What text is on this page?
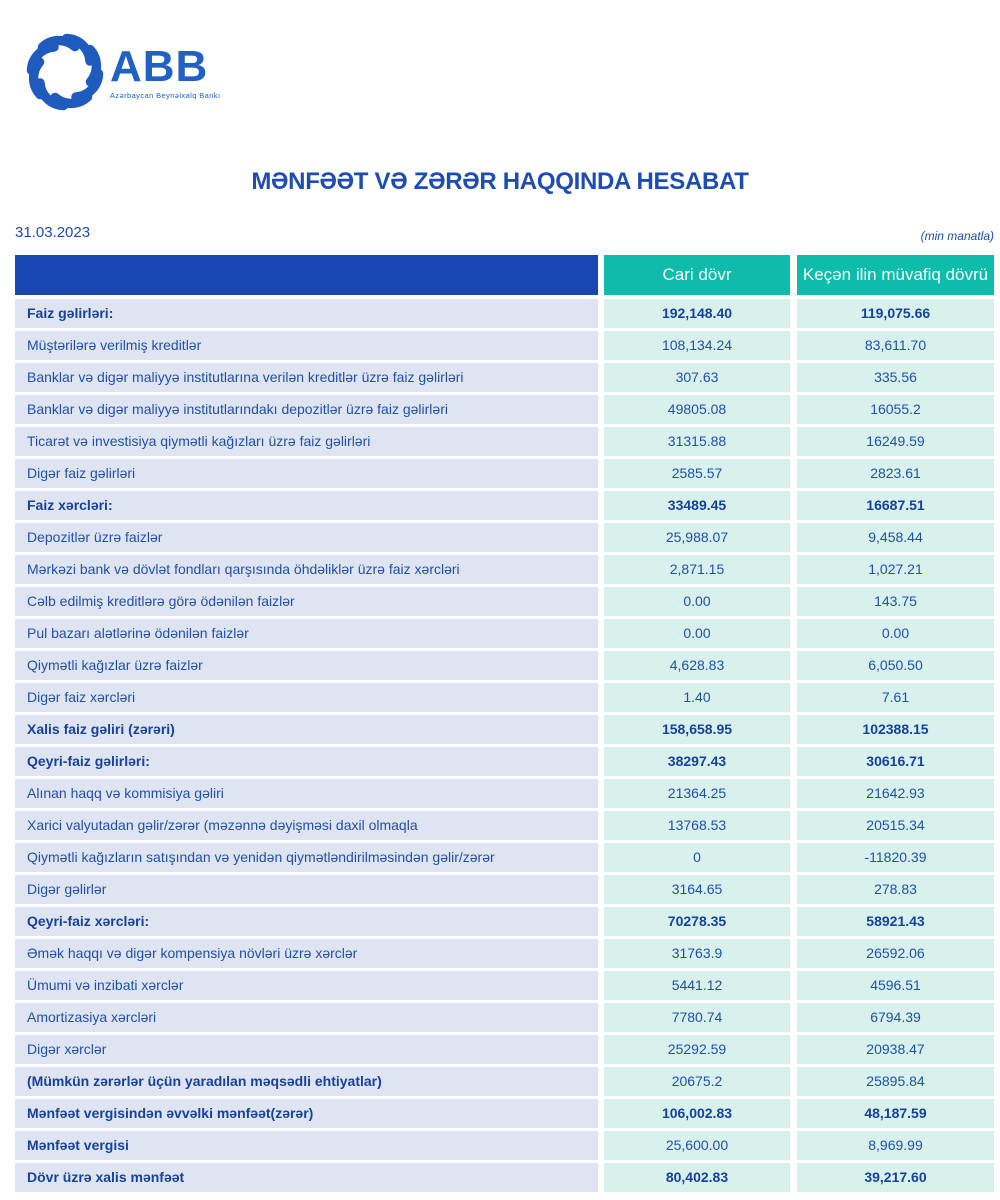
ABB
Azərbaycan Beynəlxalq Bankı
MƏNFƏƏT VƏ ZƏRƏR HAQQINDA HESABAT
31.03.2023	(min manatla)
Cari dövr	Keçən ilin müvafiq dövrü
Faiz gəlirləri:	192,148.40	119,075.66
Müştərilərə verilmiş kreditlər	108,134.24	83,611.70
Banklar və digər maliyyə institutlarına verilən kreditlər üzrə faiz gəlirləri	307.63	335.56
Banklar və digər maliyyə institutlarındakı depozitlər üzrə faiz gəlirləri	49805.08	16055.2
Ticarət və investisiya qiymətli kağızları üzrə faiz gəlirləri	31315.88	16249.59
Digər faiz gəlirləri	2585.57	2823.61
Faiz xərcləri:	33489.45	16687.51
Depozitlər üzrə faizlər	25,988.07	9,458.44
Mərkəzi bank və dövlət fondları qarşısında öhdəliklər üzrə faiz xərcləri	2,871.15	1,027.21
Cəlb edilmiş kreditlərə görə ödənilən faizlər	0.00	143.75
Pul bazarı alətlərinə ödənilən faizlər	0.00	0.00
Qiymətli kağızlar üzrə faizlər	4,628.83	6,050.50
Digər faiz xərcləri	1.40	7.61
Xalis faiz gəliri (zərəri)	158,658.95	102388.15
Qeyri-faiz gəlirləri:	38297.43	30616.71
Alınan haqq və kommisiya gəliri	21364.25	21642.93
Xarici valyutadan gəlir/zərər (məzənnə dəyişməsi daxil olmaqla	13768.53	20515.34
Qiymətli kağızların satışından və yenidən qiymətləndirilməsindən gəlir/zərər	0	-11820.39
Digər gəlirlər	3164.65	278.83
Qeyri-faiz xərcləri:	70278.35	58921.43
Əmək haqqı və digər kompensiya növləri üzrə xərclər	31763.9	26592.06
Ümumi və inzibati xərclər	5441.12	4596.51
Amortizasiya xərcləri	7780.74	6794.39
Digər xərclər	25292.59	20938.47
(Mümkün zərərlər üçün yaradılan məqsədli ehtiyatlar)	20675.2	25895.84
Mənfəət vergisindən əvvəlki mənfəət(zərər)	106,002.83	48,187.59
Mənfəət vergisi	25,600.00	8,969.99
Dövr üzrə xalis mənfəət	80,402.83	39,217.60
